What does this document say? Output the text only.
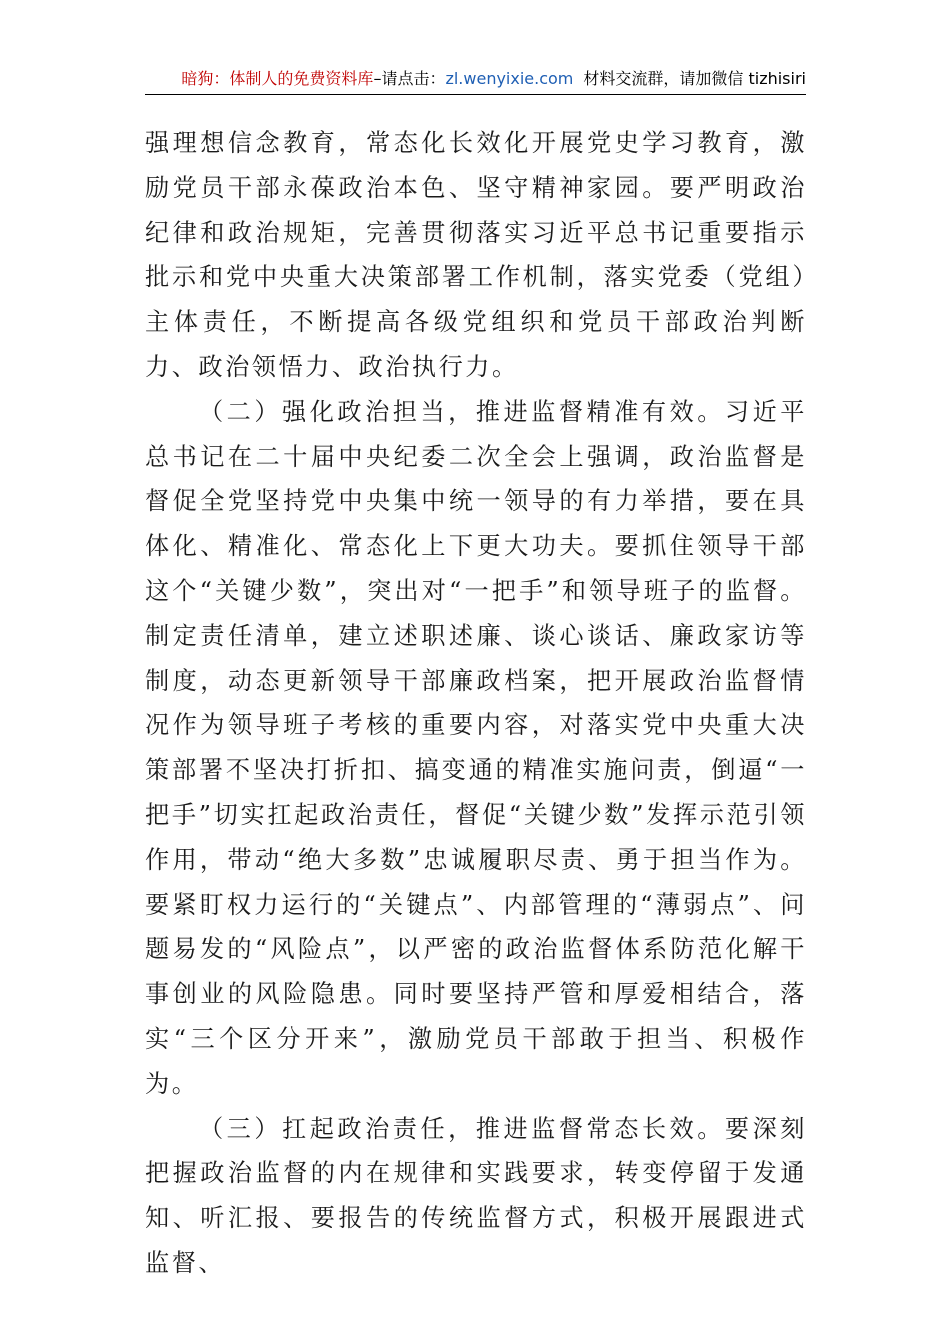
暗狗：体制人的免费资料库–请点击：zl.wenyixie.com 材料交流群，请加微信 tizhisiri

强理想信念教育，常态化长效化开展党史学习教育，激励党员干部永葆政治本色、坚守精神家园。要严明政治纪律和政治规矩，完善贯彻落实习近平总书记重要指示批示和党中央重大决策部署工作机制，落实党委（党组）主体责任，不断提高各级党组织和党员干部政治判断力、政治领悟力、政治执行力。

（二）强化政治担当，推进监督精准有效。习近平总书记在二十届中央纪委二次全会上强调，政治监督是督促全党坚持党中央集中统一领导的有力举措，要在具体化、精准化、常态化上下更大功夫。要抓住领导干部这个“关键少数”，突出对“一把手”和领导班子的监督。制定责任清单，建立述职述廉、谈心谈话、廉政家访等制度，动态更新领导干部廉政档案，把开展政治监督情况作为领导班子考核的重要内容，对落实党中央重大决策部署不坚决打折扣、搞变通的精准实施问责，倒逼“一把手”切实扛起政治责任，督促“关键少数”发挥示范引领作用，带动“绝大多数”忠诚履职尽责、勇于担当作为。要紧盯权力运行的“关键点”、内部管理的“薄弱点”、问题易发的“风险点”，以严密的政治监督体系防范化解干事创业的风险隐患。同时要坚持严管和厚爱相结合，落实“三个区分开来”，激励党员干部敢于担当、积极作为。

（三）扛起政治责任，推进监督常态长效。要深刻把握政治监督的内在规律和实践要求，转变停留于发通知、听汇报、要报告的传统监督方式，积极开展跟进式监督、
